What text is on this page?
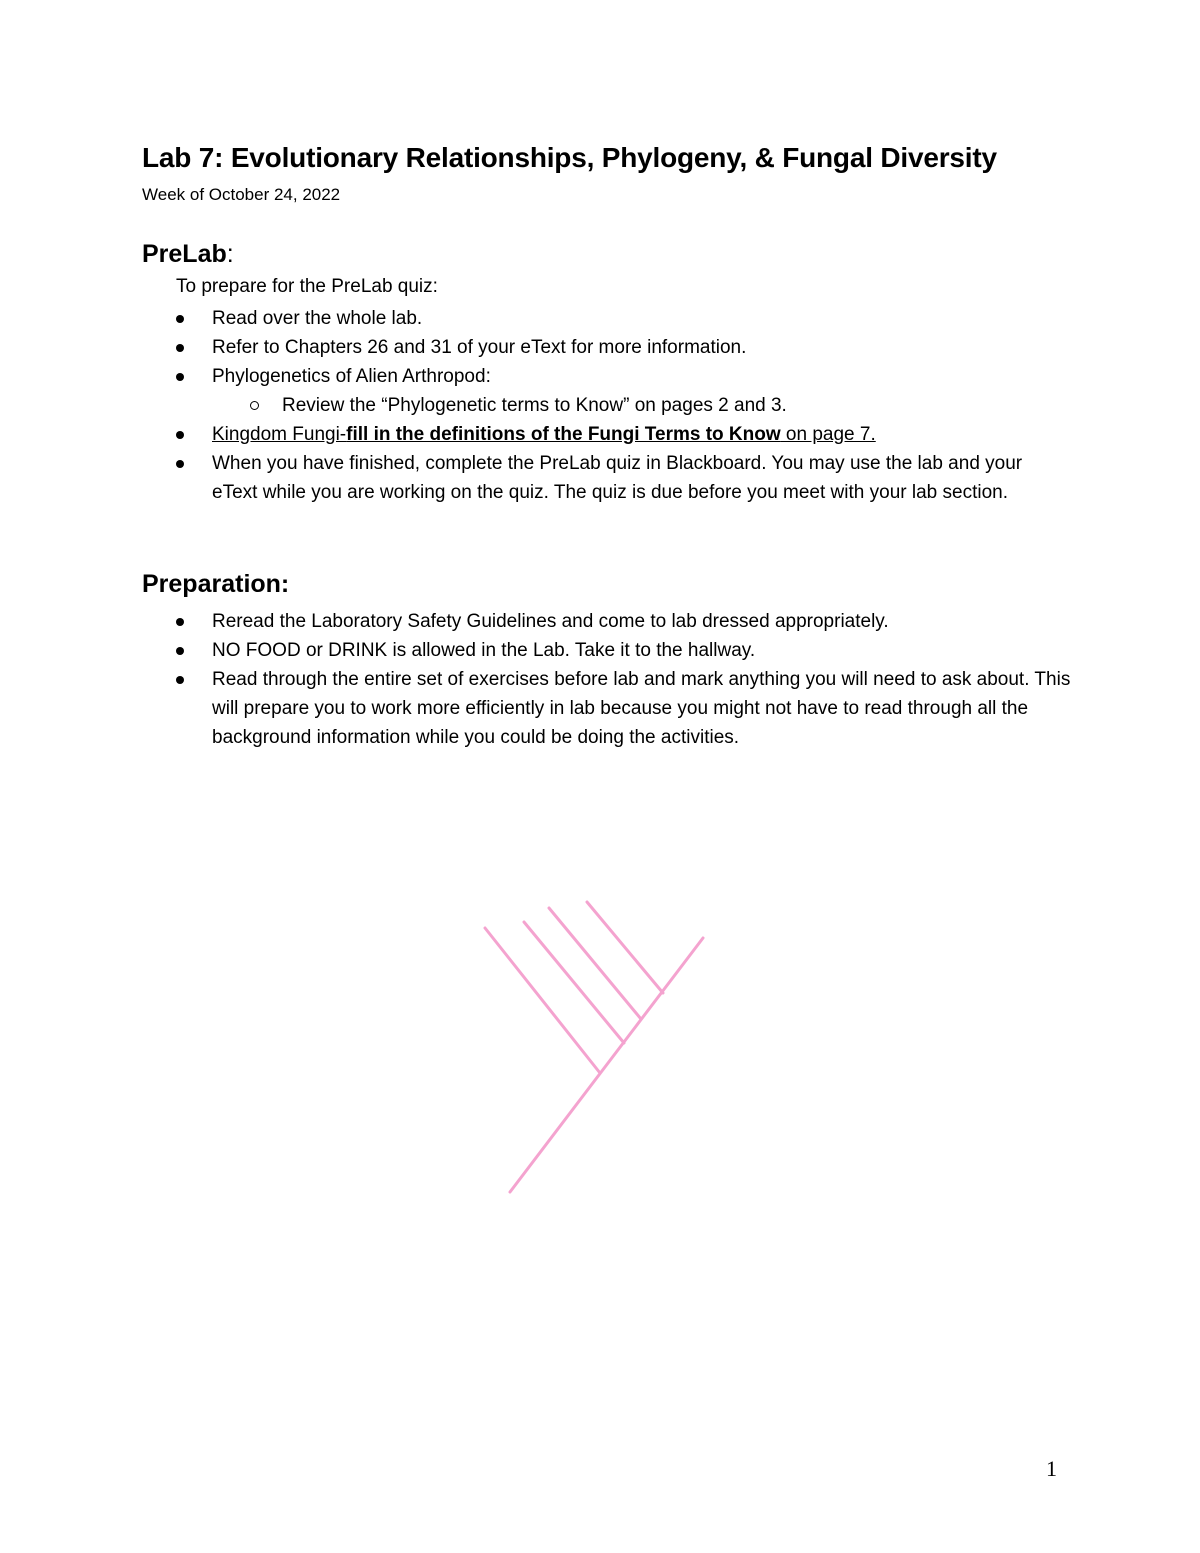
Lab 7: Evolutionary Relationships, Phylogeny, & Fungal Diversity
Week of October 24, 2022
PreLab:
To prepare for the PreLab quiz:
Read over the whole lab.
Refer to Chapters 26 and 31 of your eText for more information.
Phylogenetics of Alien Arthropod:
Review the “Phylogenetic terms to Know” on pages 2 and 3.
Kingdom Fungi-fill in the definitions of the Fungi Terms to Know on page 7.
When you have finished, complete the PreLab quiz in Blackboard. You may use the lab and your eText while you are working on the quiz. The quiz is due before you meet with your lab section.
Preparation:
Reread the Laboratory Safety Guidelines and come to lab dressed appropriately.
NO FOOD or DRINK is allowed in the Lab. Take it to the hallway.
Read through the entire set of exercises before lab and mark anything you will need to ask about. This will prepare you to work more efficiently in lab because you might not have to read through all the background information while you could be doing the activities.
1
